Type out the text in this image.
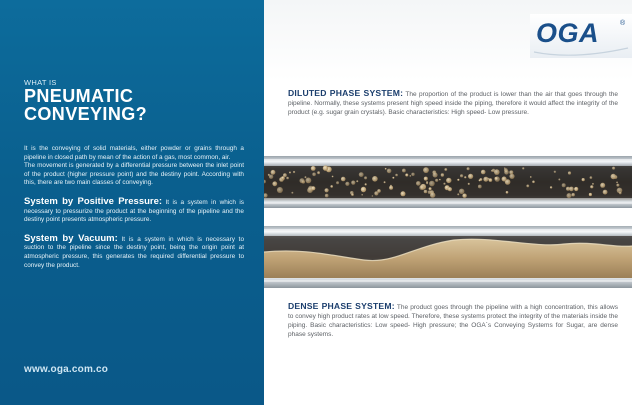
WHAT IS
PNEUMATIC
CONVEYING?
It is the conveying of solid materials, either powder or grains through a pipeline in closed path by mean of the action of a gas, most common, air.
The movement is generated by a differential pressure between the inlet point of the product (higher pressure point) and the destiny point. According with this, there are two main classes of conveying.
System by Positive Pressure: It is a system in which is necessary to pressurize the product at the beginning of the pipeline and the destiny point presents atmospheric pressure.
System by Vacuum: It is a system in which is necessary to suction to the pipeline since the destiny point, being the origin point at atmospheric pressure, this generates the required differential pressure to convey the product.
www.oga.com.co
OGA	®
DILUTED PHASE SYSTEM: The proportion of the product is lower than the air that goes through the pipeline. Normally, these systems present high speed inside the piping, therefore it would affect the integrity of the product (e.g. sugar grain crystals). Basic characteristics: High speed- Low pressure.
DENSE PHASE SYSTEM: The product goes through the pipeline with a high concentration, this allows to convey high product rates at low speed. Therefore, these systems protect the integrity of the materials inside the piping. Basic characteristics: Low speed- High pressure; the OGA´s Conveying Systems for Sugar, are dense phase systems.
